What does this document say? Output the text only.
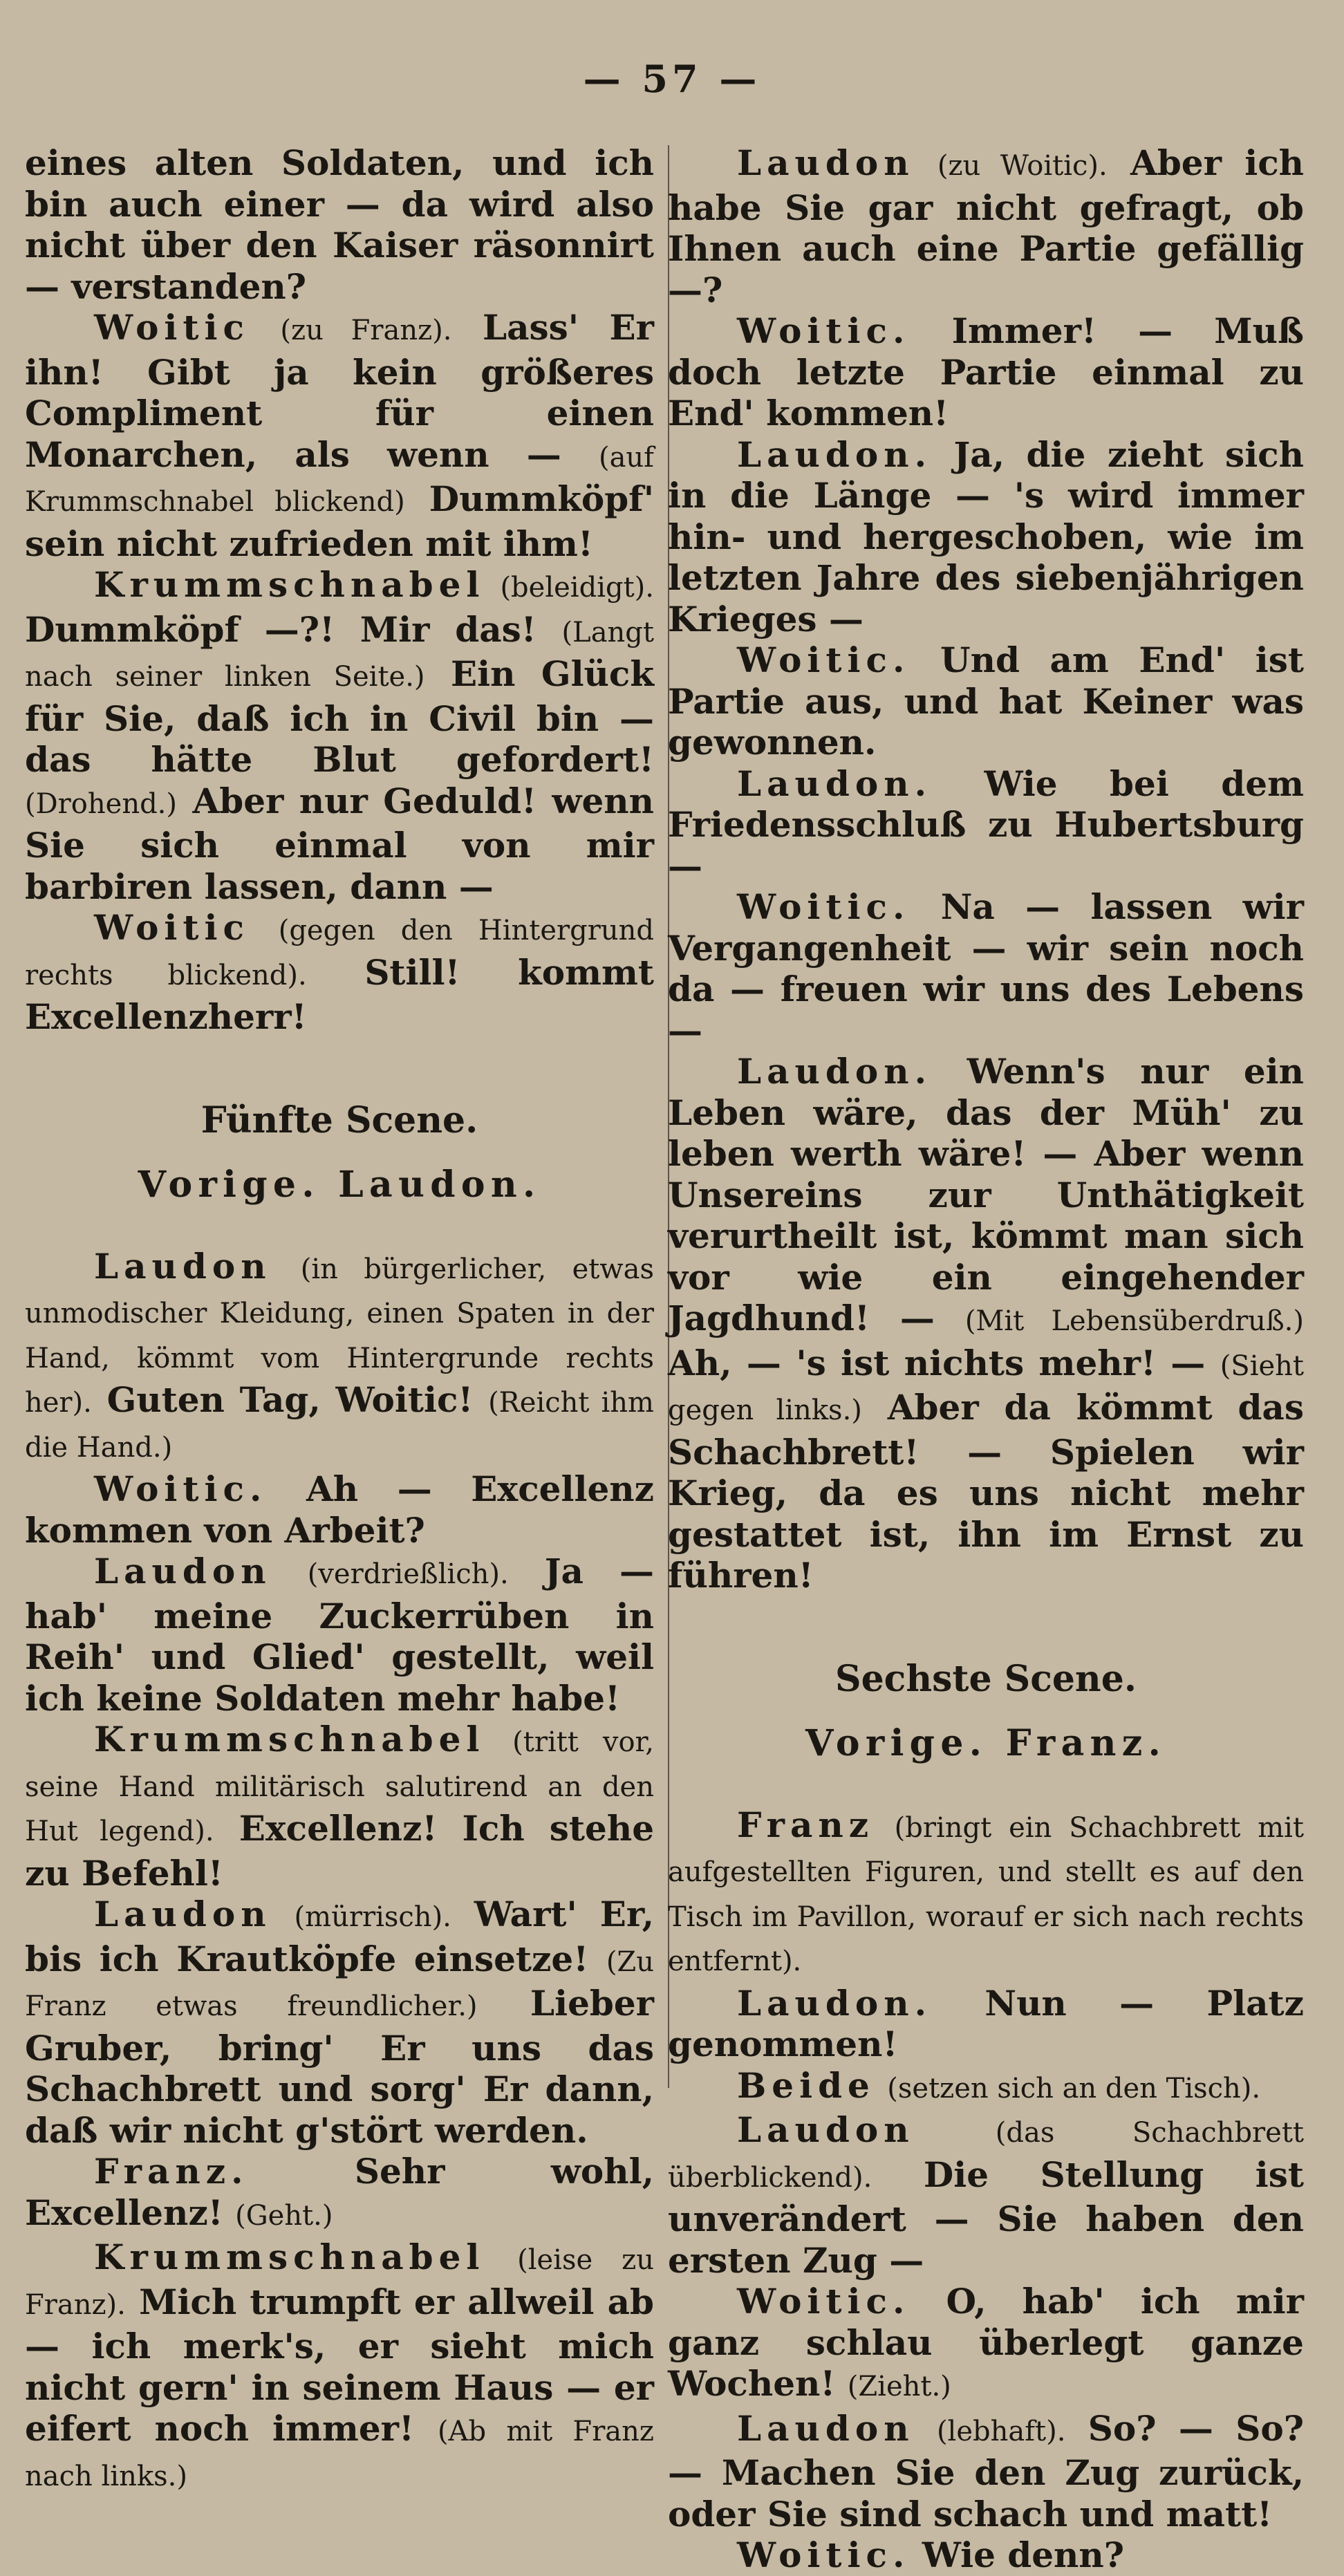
— 57 —

eines alten Soldaten, und ich bin auch einer — da wird also nicht über den Kaiser räsonnirt — verstanden?

Woitic (zu Franz). Lass' Er ihn! Gibt ja kein größeres Compliment für einen Monarchen, als wenn — (auf Krummschnabel blickend) Dummköpf' sein nicht zufrieden mit ihm!

Krummschnabel (beleidigt). Dummköpf —?! Mir das! (Langt nach seiner linken Seite.) Ein Glück für Sie, daß ich in Civil bin — das hätte Blut gefordert! (Drohend.) Aber nur Geduld! wenn Sie sich einmal von mir barbiren lassen, dann —

Woitic (gegen den Hintergrund rechts blickend). Still! kommt Excellenzherr!

Fünfte Scene.

Vorige. Laudon.

Laudon (in bürgerlicher, etwas unmodischer Kleidung, einen Spaten in der Hand, kömmt vom Hintergrunde rechts her). Guten Tag, Woitic! (Reicht ihm die Hand.)

Woitic. Ah — Excellenz kommen von Arbeit?

Laudon (verdrießlich). Ja — hab' meine Zuckerrüben in Reih' und Glied' gestellt, weil ich keine Soldaten mehr habe!

Krummschnabel (tritt vor, seine Hand militärisch salutirend an den Hut legend). Excellenz! Ich stehe zu Befehl!

Laudon (mürrisch). Wart' Er, bis ich Krautköpfe einsetze! (Zu Franz etwas freundlicher.) Lieber Gruber, bring' Er uns das Schachbrett und sorg' Er dann, daß wir nicht g'stört werden.

Franz.	Sehr wohl, Excellenz! (Geht.)

Krummschnabel (leise zu Franz). Mich trumpft er allweil ab — ich merk's, er sieht mich nicht gern' in seinem Haus — er eifert noch immer! (Ab mit Franz nach links.)

Laudon (zu Woitic). Aber ich habe Sie gar nicht gefragt, ob Ihnen auch eine Partie gefällig —?

Woitic. Immer! — Muß doch letzte Partie einmal zu End' kommen!

Laudon. Ja, die zieht sich in die Länge — 's wird immer hin- und hergeschoben, wie im letzten Jahre des siebenjährigen Krieges —

Woitic. Und am End' ist Partie aus, und hat Keiner was gewonnen.

Laudon. Wie bei dem Friedensschluß zu Hubertsburg —

Woitic. Na — lassen wir Vergangenheit — wir sein noch da — freuen wir uns des Lebens —

Laudon. Wenn's nur ein Leben wäre, das der Müh' zu leben werth wäre! — Aber wenn Unsereins zur Unthätigkeit verurtheilt ist, kömmt man sich vor wie ein eingehender Jagdhund! — (Mit Lebensüberdruß.) Ah, — 's ist nichts mehr! — (Sieht gegen links.) Aber da kömmt das Schachbrett! — Spielen wir Krieg, da es uns nicht mehr gestattet ist, ihn im Ernst zu führen!

Sechste Scene.

Vorige. Franz.

Franz (bringt ein Schachbrett mit aufgestellten Figuren, und stellt es auf den Tisch im Pavillon, worauf er sich nach rechts entfernt).

Laudon. Nun — Platz genommen!

Beide (setzen sich an den Tisch).

Laudon	(das Schachbrett überblickend). Die Stellung ist unverändert — Sie haben den ersten Zug —

Woitic. O, hab' ich mir ganz schlau überlegt ganze Wochen! (Zieht.)

Laudon (lebhaft). So? — So? — Machen Sie den Zug zurück, oder Sie sind schach und matt!

Woitic. Wie denn?
